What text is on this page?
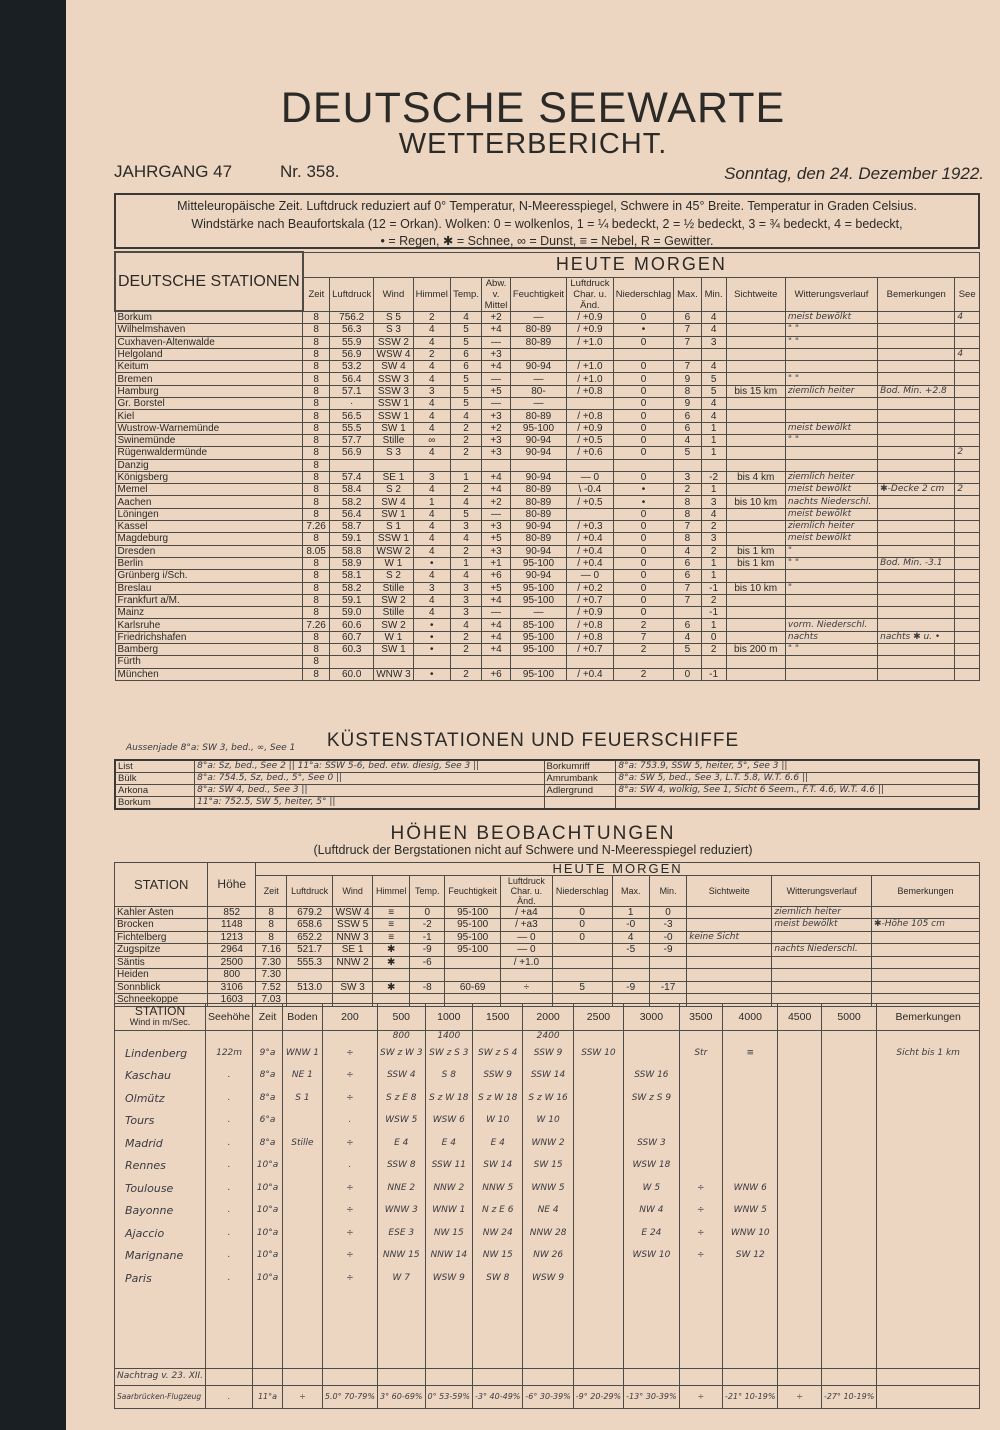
DEUTSCHE SEEWARTE
WETTERBERICHT.
JAHRGANG 47	Nr. 358.	Sonntag, den 24. Dezember 1922.
Mitteleuropäische Zeit. Luftdruck reduziert auf 0° Temperatur, N-Meeresspiegel, Schwere in 45° Breite. Temperatur in Graden Celsius.
Windstärke nach Beaufortskala (12 = Orkan). Wolken: 0 = wolkenlos, 1 = ¼ bedeckt, 2 = ½ bedeckt, 3 = ¾ bedeckt, 4 = bedeckt,
• = Regen, ✱ = Schnee, ∞ = Dunst, ≡ = Nebel, R = Gewitter.
DEUTSCHE STATIONEN	HEUTE MORGEN														
	Zeit	Luftdruck	Wind	Himmel	Temp.	Abw. v. Mittel	Feuchtigkeit	Luftdruck Char. u. Änd.	Niederschlag	Max.	Min.	Sichtweite	Witterungsverlauf	Bemerkungen	See
Borkum	8	756.2	S 5	2	4	+2	—	/ +0.9	0	6	4		meist bewölkt		4
Wilhelmshaven	8	56.3	S 3	4	5	+4	80-89	/ +0.9	•	7	4		" "		
Cuxhaven-Altenwalde	8	55.9	SSW 2	4	5	—	80-89	/ +1.0	0	7	3		" "		
Helgoland	8	56.9	WSW 4	2	6	+3									4
Keitum	8	53.2	SW 4	4	6	+4	90-94	/ +1.0	0	7	4				
Bremen	8	56.4	SSW 3	4	5	—	—	/ +1.0	0	9	5		" "		
Hamburg	8	57.1	SSW 3	3	5	+5	80-	/ +0.8	0	8	5	bis 15 km	ziemlich heiter	Bod. Min. +2.8	
Gr. Borstel	8	·	SSW 1	4	5	—	—		0	9	4				
Kiel	8	56.5	SSW 1	4	4	+3	80-89	/ +0.8	0	6	4				
Wustrow-Warnemünde	8	55.5	SW 1	4	2	+2	95-100	/ +0.9	0	6	1		meist bewölkt		
Swinemünde	8	57.7	Stille	∞	2	+3	90-94	/ +0.5	0	4	1		" "		
Rügenwaldermünde	8	56.9	S 3	4	2	+3	90-94	/ +0.6	0	5	1				2
Danzig	8														
Königsberg	8	57.4	SE 1	3	1	+4	90-94	— 0	0	3	-2	bis 4 km	ziemlich heiter		
Memel	8	58.4	S 2	4	2	+4	80-89	\ -0.4	•	2	1		meist bewölkt	✱-Decke 2 cm	2
Aachen	8	58.2	SW 4	1	4	+2	80-89	/ +0.5	•	8	3	bis 10 km	nachts Niederschl.		
Löningen	8	56.4	SW 1	4	5	—	80-89		0	8	4		meist bewölkt		
Kassel	7.26	58.7	S 1	4	3	+3	90-94	/ +0.3	0	7	2		ziemlich heiter		
Magdeburg	8	59.1	SSW 1	4	4	+5	80-89	/ +0.4	0	8	3		meist bewölkt		
Dresden	8.05	58.8	WSW 2	4	2	+3	90-94	/ +0.4	0	4	2	bis 1 km	"		
Berlin	8	58.9	W 1	•	1	+1	95-100	/ +0.4	0	6	1	bis 1 km	" "	Bod. Min. -3.1	
Grünberg i/Sch.	8	58.1	S 2	4	4	+6	90-94	— 0	0	6	1				
Breslau	8	58.2	Stille	3	3	+5	95-100	/ +0.2	0	7	-1	bis 10 km	"		
Frankfurt a/M.	8	59.1	SW 2	4	3	+4	95-100	/ +0.7	0	7	2				
Mainz	8	59.0	Stille	4	3	—	—	/ +0.9	0		-1				
Karlsruhe	7.26	60.6	SW 2	•	4	+4	85-100	/ +0.8	2	6	1		vorm. Niederschl.		
Friedrichshafen	8	60.7	W 1	•	2	+4	95-100	/ +0.8	7	4	0		nachts	nachts ✱ u. •	
Bamberg	8	60.3	SW 1	•	2	+4	95-100	/ +0.7	2	5	2	bis 200 m	" "		
Fürth	8														
München	8	60.0	WNW 3	•	2	+6	95-100	/ +0.4	2	0	-1				
KÜSTENSTATIONEN UND FEUERSCHIFFE
Aussenjade 8°a: SW 3, bed., ∞, See 1
List	8°a: Sz, bed., See 2 || 11°a: SSW 5-6, bed. etw. diesig, See 3 ||	Borkumriff	8°a: 753.9, SSW 5, heiter, 5°, See 3 ||
Bülk	8°a: 754.5, Sz, bed., 5°, See 0 ||	Amrumbank	8°a: SW 5, bed., See 3, L.T. 5.8, W.T. 6.6 ||
Arkona	8°a: SW 4, bed., See 3 ||	Adlergrund	8°a: SW 4, wolkig, See 1, Sicht 6 Seem., F.T. 4.6, W.T. 4.6 ||
Borkum	11°a: 752.5, SW 5, heiter, 5° ||		
HÖHEN BEOBACHTUNGEN
(Luftdruck der Bergstationen nicht auf Schwere und N-Meeresspiegel reduziert)
STATION	Höhe	HEUTE MORGEN												
		Zeit	Luftdruck	Wind	Himmel	Temp.	Feuchtigkeit	Luftdruck Char. u. Änd.	Niederschlag	Max.	Min.	Sichtweite	Witterungsverlauf	Bemerkungen
Kahler Asten	852	8	679.2	WSW 4	≡	0	95-100	/ +a4	0	1	0		ziemlich heiter	
Brocken	1148	8	658.6	SSW 5	≡	-2	95-100	/ +a3	0	-0	-3		meist bewölkt	✱-Höhe 105 cm
Fichtelberg	1213	8	652.2	NNW 3	≡	-1	95-100	— 0	0	4	-0	keine Sicht		
Zugspitze	2964	7.16	521.7	SE 1	✱	-9	95-100	— 0		-5	-9		nachts Niederschl.	
Säntis	2500	7.30	555.3	NNW 2	✱	-6		/ +1.0						
Heiden	800	7.30												
Sonnblick	3106	7.52	513.0	SW 3	✱	-8	60-69	÷	5	-9	-17			
Schneekoppe	1603	7.03												
STATION
Wind in m/Sec.	Seehöhe	Zeit	Boden	200	500	1000	1500	2000	2500	3000	3500	4000	4500	5000	Bemerkungen
					800	1400		2400							
Lindenberg	122m	9°a	WNW 1	÷	SW z W 3	SW z S 3	SW z S 4	SSW 9	SSW 10		Str	≡			Sicht bis 1 km
Kaschau	.	8°a	NE 1	÷	SSW 4	S 8	SSW 9	SSW 14		SSW 16					
Olmütz	.	8°a	S 1	÷	S z E 8	S z W 18	S z W 18	S z W 16		SW z S 9					
Tours	.	6°a		.	WSW 5	WSW 6	W 10	W 10							
Madrid	.	8°a	Stille	÷	E 4	E 4	E 4	WNW 2		SSW 3					
Rennes	.	10°a		.	SSW 8	SSW 11	SW 14	SW 15		WSW 18					
Toulouse	.	10°a		÷	NNE 2	NNW 2	NNW 5	WNW 5		W 5	÷	WNW 6			
Bayonne	.	10°a		÷	WNW 3	WNW 1	N z E 6	NE 4		NW 4	÷	WNW 5			
Ajaccio	.	10°a		÷	ESE 3	NW 15	NW 24	NNW 28		E 24	÷	WNW 10			
Marignane	.	10°a		÷	NNW 15	NNW 14	NW 15	NW 26		WSW 10	÷	SW 12			
Paris	.	10°a		÷	W 7	WSW 9	SW 8	WSW 9							

Nachtrag v. 23. XII.															
Saarbrücken-Flugzeug	.	11°a	÷	5.0° 70-79%	3° 60-69%	0° 53-59%	-3° 40-49%	-6° 30-39%	-9° 20-29%	-13° 30-39%	÷	-21° 10-19%	÷	-27° 10-19%	
